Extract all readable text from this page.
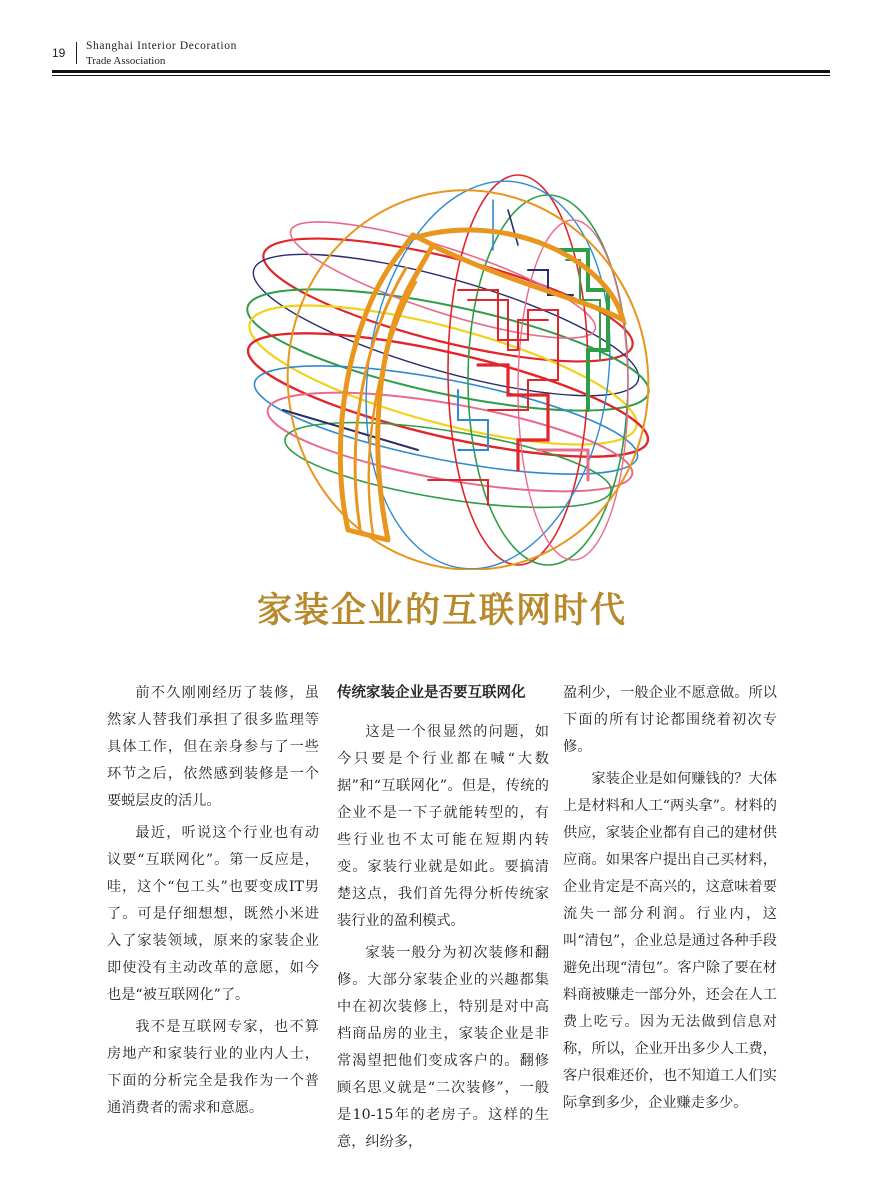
19 Shanghai Interior Decoration
Trade Association
家装企业的互联网时代

前不久刚刚经历了装修，虽然家人替我们承担了很多监理等具体工作，但在亲身参与了一些环节之后，依然感到装修是一个要蜕层皮的活儿。

最近，听说这个行业也有动议要“互联网化”。第一反应是，哇，这个“包工头”也要变成IT男了。可是仔细想想，既然小米进入了家装领域，原来的家装企业即使没有主动改革的意愿，如今也是“被互联网化”了。

我不是互联网专家，也不算房地产和家装行业的业内人士，下面的分析完全是我作为一个普通消费者的需求和意愿。

传统家装企业是否要互联网化

这是一个很显然的问题，如今只要是个行业都在喊“大数据”和“互联网化”。但是，传统的企业不是一下子就能转型的，有些行业也不太可能在短期内转变。家装行业就是如此。要搞清楚这点，我们首先得分析传统家装行业的盈利模式。

家装一般分为初次装修和翻修。大部分家装企业的兴趣都集中在初次装修上，特别是对中高档商品房的业主，家装企业是非常渴望把他们变成客户的。翻修顾名思义就是“二次装修”，一般是10-15年的老房子。这样的生意，纠纷多，

盈利少，一般企业不愿意做。所以下面的所有讨论都围绕着初次专修。

家装企业是如何赚钱的？大体上是材料和人工“两头拿”。材料的供应，家装企业都有自己的建材供应商。如果客户提出自己买材料，企业肯定是不高兴的，这意味着要流失一部分利润。行业内，这叫“清包”，企业总是通过各种手段避免出现“清包”。客户除了要在材料商被赚走一部分外，还会在人工费上吃亏。因为无法做到信息对称，所以，企业开出多少人工费，客户很难还价，也不知道工人们实际拿到多少，企业赚走多少。
